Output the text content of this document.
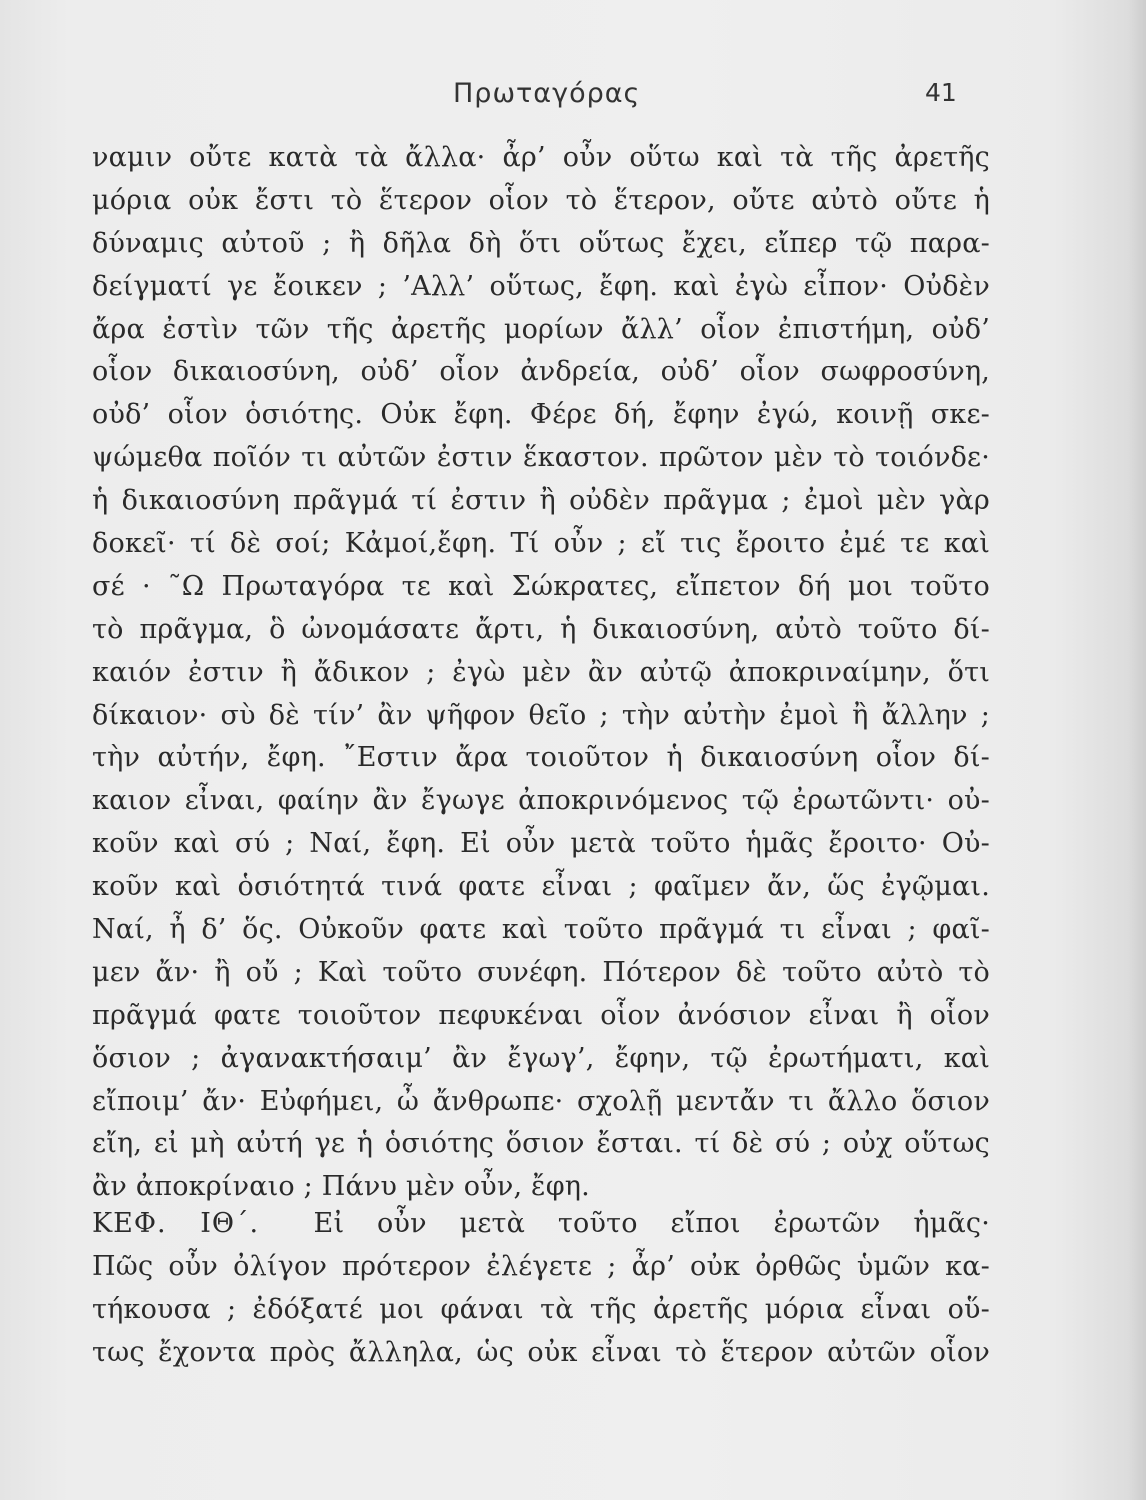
Πρωταγόρας	41
ναμιν οὔτε κατὰ τὰ ἄλλα· ἆρ’ οὖν οὕτω καὶ τὰ τῆς ἀρετῆς
μόρια οὐκ ἔστι τὸ ἕτερον οἷον τὸ ἕτερον, οὔτε αὐτὸ οὔτε ἡ
δύναμις αὐτοῦ ; ἢ δῆλα δὴ ὅτι οὕτως ἔχει, εἴπερ τῷ παρα-
δείγματί γε ἔοικεν ; ’Αλλ’ οὕτως, ἔφη. καὶ ἐγὼ εἶπον· Οὐδὲν
ἄρα ἐστὶν τῶν τῆς ἀρετῆς μορίων ἄλλ’ οἷον ἐπιστήμη, οὐδ’
οἷον δικαιοσύνη, οὐδ’ οἷον ἀνδρεία, οὐδ’ οἷον σωφροσύνη,
οὐδ’ οἷον ὁσιότης. Οὐκ ἔφη. Φέρε δή, ἔφην ἐγώ, κοινῇ σκε-
ψώμεθα ποῖόν τι αὐτῶν ἐστιν ἕκαστον. πρῶτον μὲν τὸ τοιόνδε·
ἡ δικαιοσύνη πρᾶγμά τί ἐστιν ἢ οὐδὲν πρᾶγμα ; ἐμοὶ μὲν γὰρ
δοκεῖ· τί δὲ σοί; Κἀμοί,ἔφη. Τί οὖν ; εἴ τις ἔροιτο ἐμέ τε καὶ
σέ · ˜Ω Πρωταγόρα τε καὶ Σώκρατες, εἴπετον δή μοι τοῦτο
τὸ πρᾶγμα, ὃ ὠνομάσατε ἄρτι, ἡ δικαιοσύνη, αὐτὸ τοῦτο δί-
καιόν ἐστιν ἢ ἄδικον ; ἐγὼ μὲν ἂν αὐτῷ ἀποκριναίμην, ὅτι
δίκαιον· σὺ δὲ τίν’ ἂν ψῆφον θεῖο ; τὴν αὐτὴν ἐμοὶ ἢ ἄλλην ;
τὴν αὐτήν, ἔφη. ῎Εστιν ἄρα τοιοῦτον ἡ δικαιοσύνη οἷον δί-
καιον εἶναι, φαίην ἂν ἔγωγε ἀποκρινόμενος τῷ ἐρωτῶντι· οὐ-
κοῦν καὶ σύ ; Ναί, ἔφη. Εἰ οὖν μετὰ τοῦτο ἡμᾶς ἔροιτο· Οὐ-
κοῦν καὶ ὁσιότητά τινά φατε εἶναι ; φαῖμεν ἄν, ὥς ἐγῷμαι.
Ναί, ἦ δ’ ὅς. Οὐκοῦν φατε καὶ τοῦτο πρᾶγμά τι εἶναι ; φαῖ-
μεν ἄν· ἢ οὔ ; Καὶ τοῦτο συνέφη. Πότερον δὲ τοῦτο αὐτὸ τὸ
πρᾶγμά φατε τοιοῦτον πεφυκέναι οἷον ἀνόσιον εἶναι ἢ οἷον
ὅσιον ; ἀγανακτήσαιμ’ ἂν ἔγωγ’, ἔφην, τῷ ἐρωτήματι, καὶ
εἴποιμ’ ἄν· Εὐφήμει, ὦ ἄνθρωπε· σχολῇ μεντἄν τι ἄλλο ὅσιον
εἴη, εἰ μὴ αὐτή γε ἡ ὁσιότης ὅσιον ἔσται. τί δὲ σύ ; οὐχ οὕτως
ἂν ἀποκρίναιο ; Πάνυ μὲν οὖν, ἔφη.
ΚΕΦ. ΙΘ΄.   Εἰ οὖν μετὰ τοῦτο εἴποι ἐρωτῶν ἡμᾶς·
Πῶς οὖν ὀλίγον πρότερον ἐλέγετε ; ἆρ’ οὐκ ὀρθῶς ὑμῶν κα-
τήκουσα ; ἐδόξατέ μοι φάναι τὰ τῆς ἀρετῆς μόρια εἶναι οὕ-
τως ἔχοντα πρὸς ἄλληλα, ὡς οὐκ εἶναι τὸ ἕτερον αὐτῶν οἷον
